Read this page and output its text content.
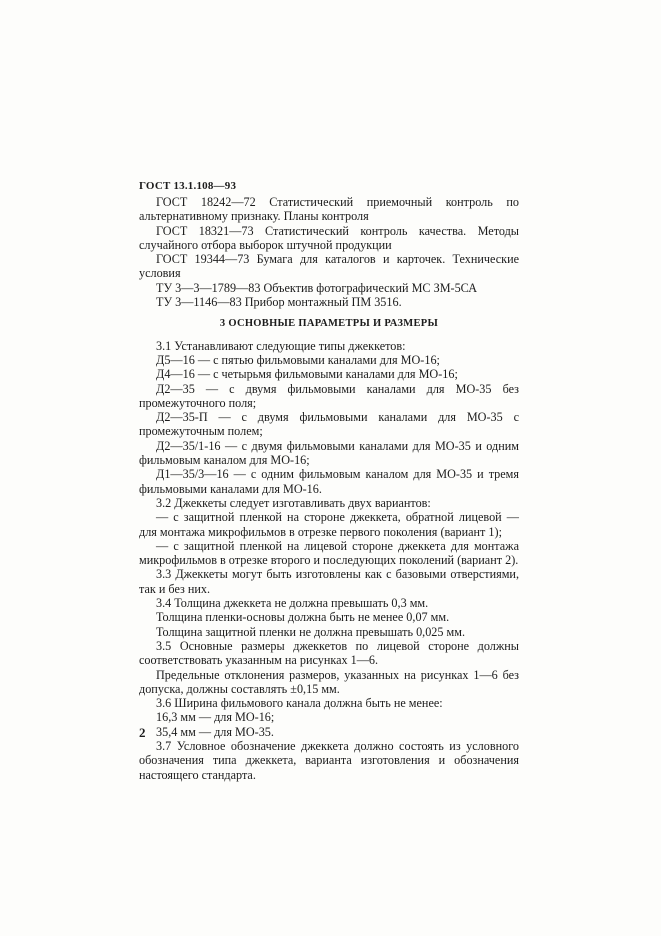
ГОСТ 13.1.108—93

ГОСТ 18242—72 Статистический приемочный контроль по альтернативному признаку. Планы контроля

ГОСТ 18321—73 Статистический контроль качества. Методы случайного отбора выборок штучной продукции

ГОСТ 19344—73 Бумага для каталогов и карточек. Технические условия

ТУ 3—3—1789—83 Объектив фотографический МС ЗМ-5СА

ТУ 3—1146—83 Прибор монтажный ПМ 3516.

3 ОСНОВНЫЕ ПАРАМЕТРЫ И РАЗМЕРЫ

3.1 Устанавливают следующие типы джеккетов:

Д5—16 — с пятью фильмовыми каналами для МО-16;

Д4—16 — с четырьмя фильмовыми каналами для МО-16;

Д2—35 — с двумя фильмовыми каналами для МО-35 без промежуточного поля;

Д2—35-П — с двумя фильмовыми каналами для МО-35 с промежуточным полем;

Д2—35/1-16 — с двумя фильмовыми каналами для МО-35 и одним фильмовым каналом для МО-16;

Д1—35/3—16 — с одним фильмовым каналом для МО-35 и тремя фильмовыми каналами для МО-16.

3.2 Джеккеты следует изготавливать двух вариантов:

— с защитной пленкой на стороне джеккета, обратной лицевой — для монтажа микрофильмов в отрезке первого поколения (вариант 1);

— с защитной пленкой на лицевой стороне джеккета для монтажа микрофильмов в отрезке второго и последующих поколений (вариант 2).

3.3 Джеккеты могут быть изготовлены как с базовыми отверстиями, так и без них.

3.4 Толщина джеккета не должна превышать 0,3 мм.

Толщина пленки-основы должна быть не менее 0,07 мм.

Толщина защитной пленки не должна превышать 0,025 мм.

3.5 Основные размеры джеккетов по лицевой стороне должны соответствовать указанным на рисунках 1—6.

Предельные отклонения размеров, указанных на рисунках 1—6 без допуска, должны составлять ±0,15 мм.

3.6 Ширина фильмового канала должна быть не менее:

16,3 мм — для МО-16;

35,4 мм — для МО-35.

3.7 Условное обозначение джеккета должно состоять из условного обозначения типа джеккета, варианта изготовления и обозначения настоящего стандарта.

2
